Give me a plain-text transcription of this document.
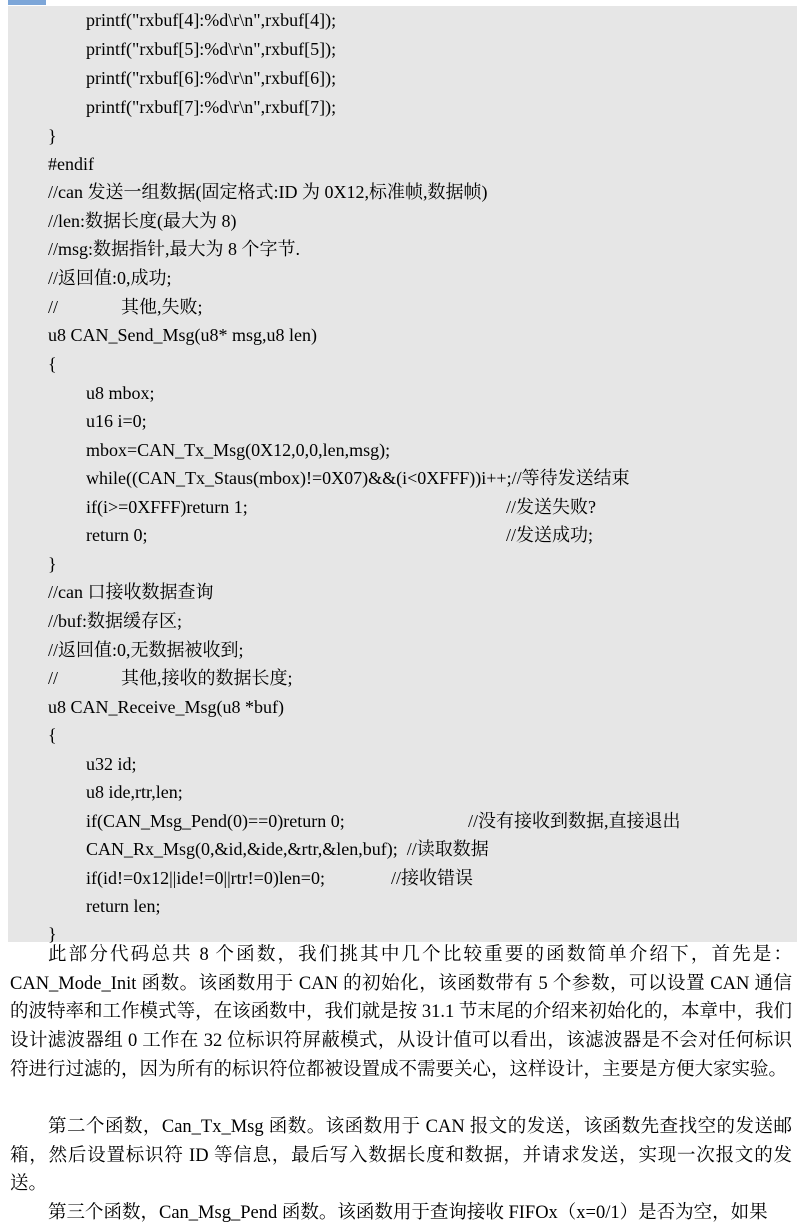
printf("rxbuf[4]:%d\r\n",rxbuf[4]);
printf("rxbuf[5]:%d\r\n",rxbuf[5]);
printf("rxbuf[6]:%d\r\n",rxbuf[6]);
printf("rxbuf[7]:%d\r\n",rxbuf[7]);
}
#endif
//can 发送一组数据(固定格式:ID 为 0X12,标准帧,数据帧)
//len:数据长度(最大为 8)
//msg:数据指针,最大为 8 个字节.
//返回值:0,成功;
//              其他,失败;
u8 CAN_Send_Msg(u8* msg,u8 len)
{
u8 mbox;
u16 i=0;
mbox=CAN_Tx_Msg(0X12,0,0,len,msg);
while((CAN_Tx_Staus(mbox)!=0X07)&&(i<0XFFF))i++;//等待发送结束
if(i>=0XFFF)return 1;	//发送失败?
return 0;	//发送成功;
}
//can 口接收数据查询
//buf:数据缓存区;
//返回值:0,无数据被收到;
//              其他,接收的数据长度;
u8 CAN_Receive_Msg(u8 *buf)
{
u32 id;
u8 ide,rtr,len;
if(CAN_Msg_Pend(0)==0)return 0;	//没有接收到数据,直接退出
CAN_Rx_Msg(0,&id,&ide,&rtr,&len,buf);  //读取数据
if(id!=0x12||ide!=0||rtr!=0)len=0;	//接收错误
return len;
}

此部分代码总共 8 个函数，我们挑其中几个比较重要的函数简单介绍下，首先是：CAN_Mode_Init 函数。该函数用于 CAN 的初始化，该函数带有 5 个参数，可以设置 CAN 通信的波特率和工作模式等，在该函数中，我们就是按 31.1 节末尾的介绍来初始化的，本章中，我们设计滤波器组 0 工作在 32 位标识符屏蔽模式，从设计值可以看出，该滤波器是不会对任何标识符进行过滤的，因为所有的标识符位都被设置成不需要关心，这样设计，主要是方便大家实验。

第二个函数，Can_Tx_Msg 函数。该函数用于 CAN 报文的发送，该函数先查找空的发送邮箱，然后设置标识符 ID 等信息，最后写入数据长度和数据，并请求发送，实现一次报文的发送。

第三个函数，Can_Msg_Pend 函数。该函数用于查询接收 FIFOx（x=0/1）是否为空，如果
